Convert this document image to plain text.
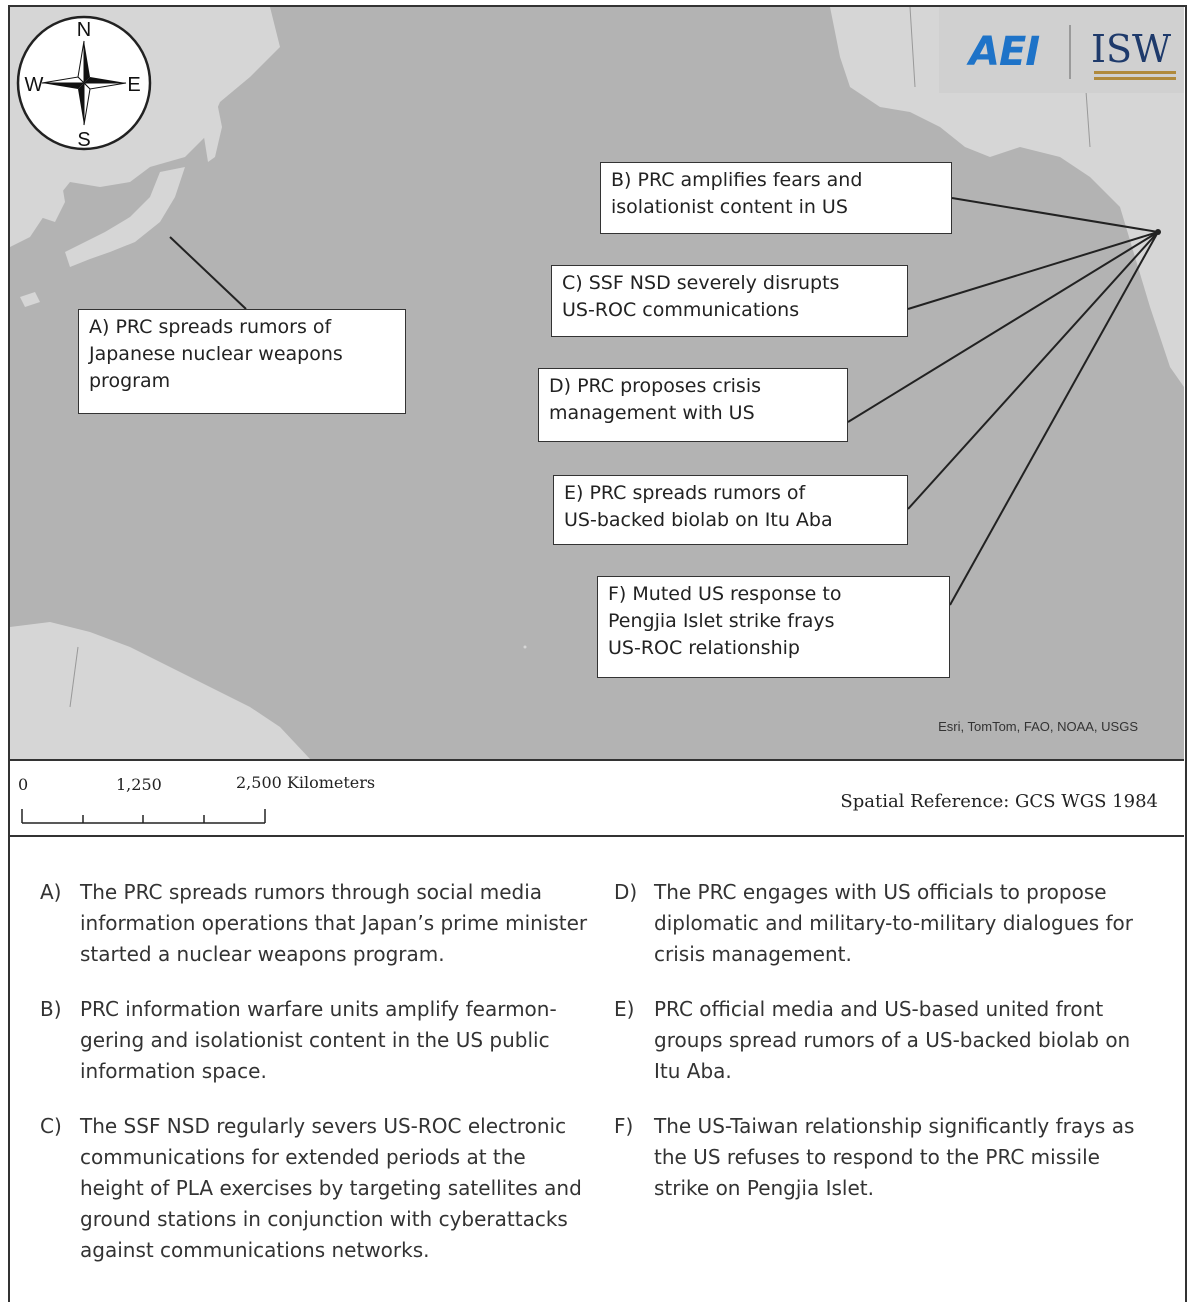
N
S
E
W
AEI ISW
A) PRC spreads rumors of
Japanese nuclear weapons
program
B) PRC amplifies fears and
isolationist content in US
C) SSF NSD severely disrupts
US-ROC communications
D) PRC proposes crisis
management with US
E) PRC spreads rumors of
US-backed biolab on Itu Aba
F) Muted US response to
Pengjia Islet strike frays
US-ROC relationship
Esri, TomTom, FAO, NOAA, USGS
0	1,250	2,500 Kilometers
Spatial Reference: GCS WGS 1984
A) The PRC spreads rumors through social media information operations that Japan’s prime minister started a nuclear weapons program.
B) PRC information warfare units amplify fearmongering and isolationist content in the US public information space.
C) The SSF NSD regularly severs US-ROC electronic communications for extended periods at the height of PLA exercises by targeting satellites and ground stations in conjunction with cyberattacks against communications networks.
D) The PRC engages with US officials to propose diplomatic and military-to-military dialogues for crisis management.
E) PRC official media and US-based united front groups spread rumors of a US-backed biolab on Itu Aba.
F)	The US-Taiwan relationship significantly frays as the US refuses to respond to the PRC missile strike on Pengjia Islet.
